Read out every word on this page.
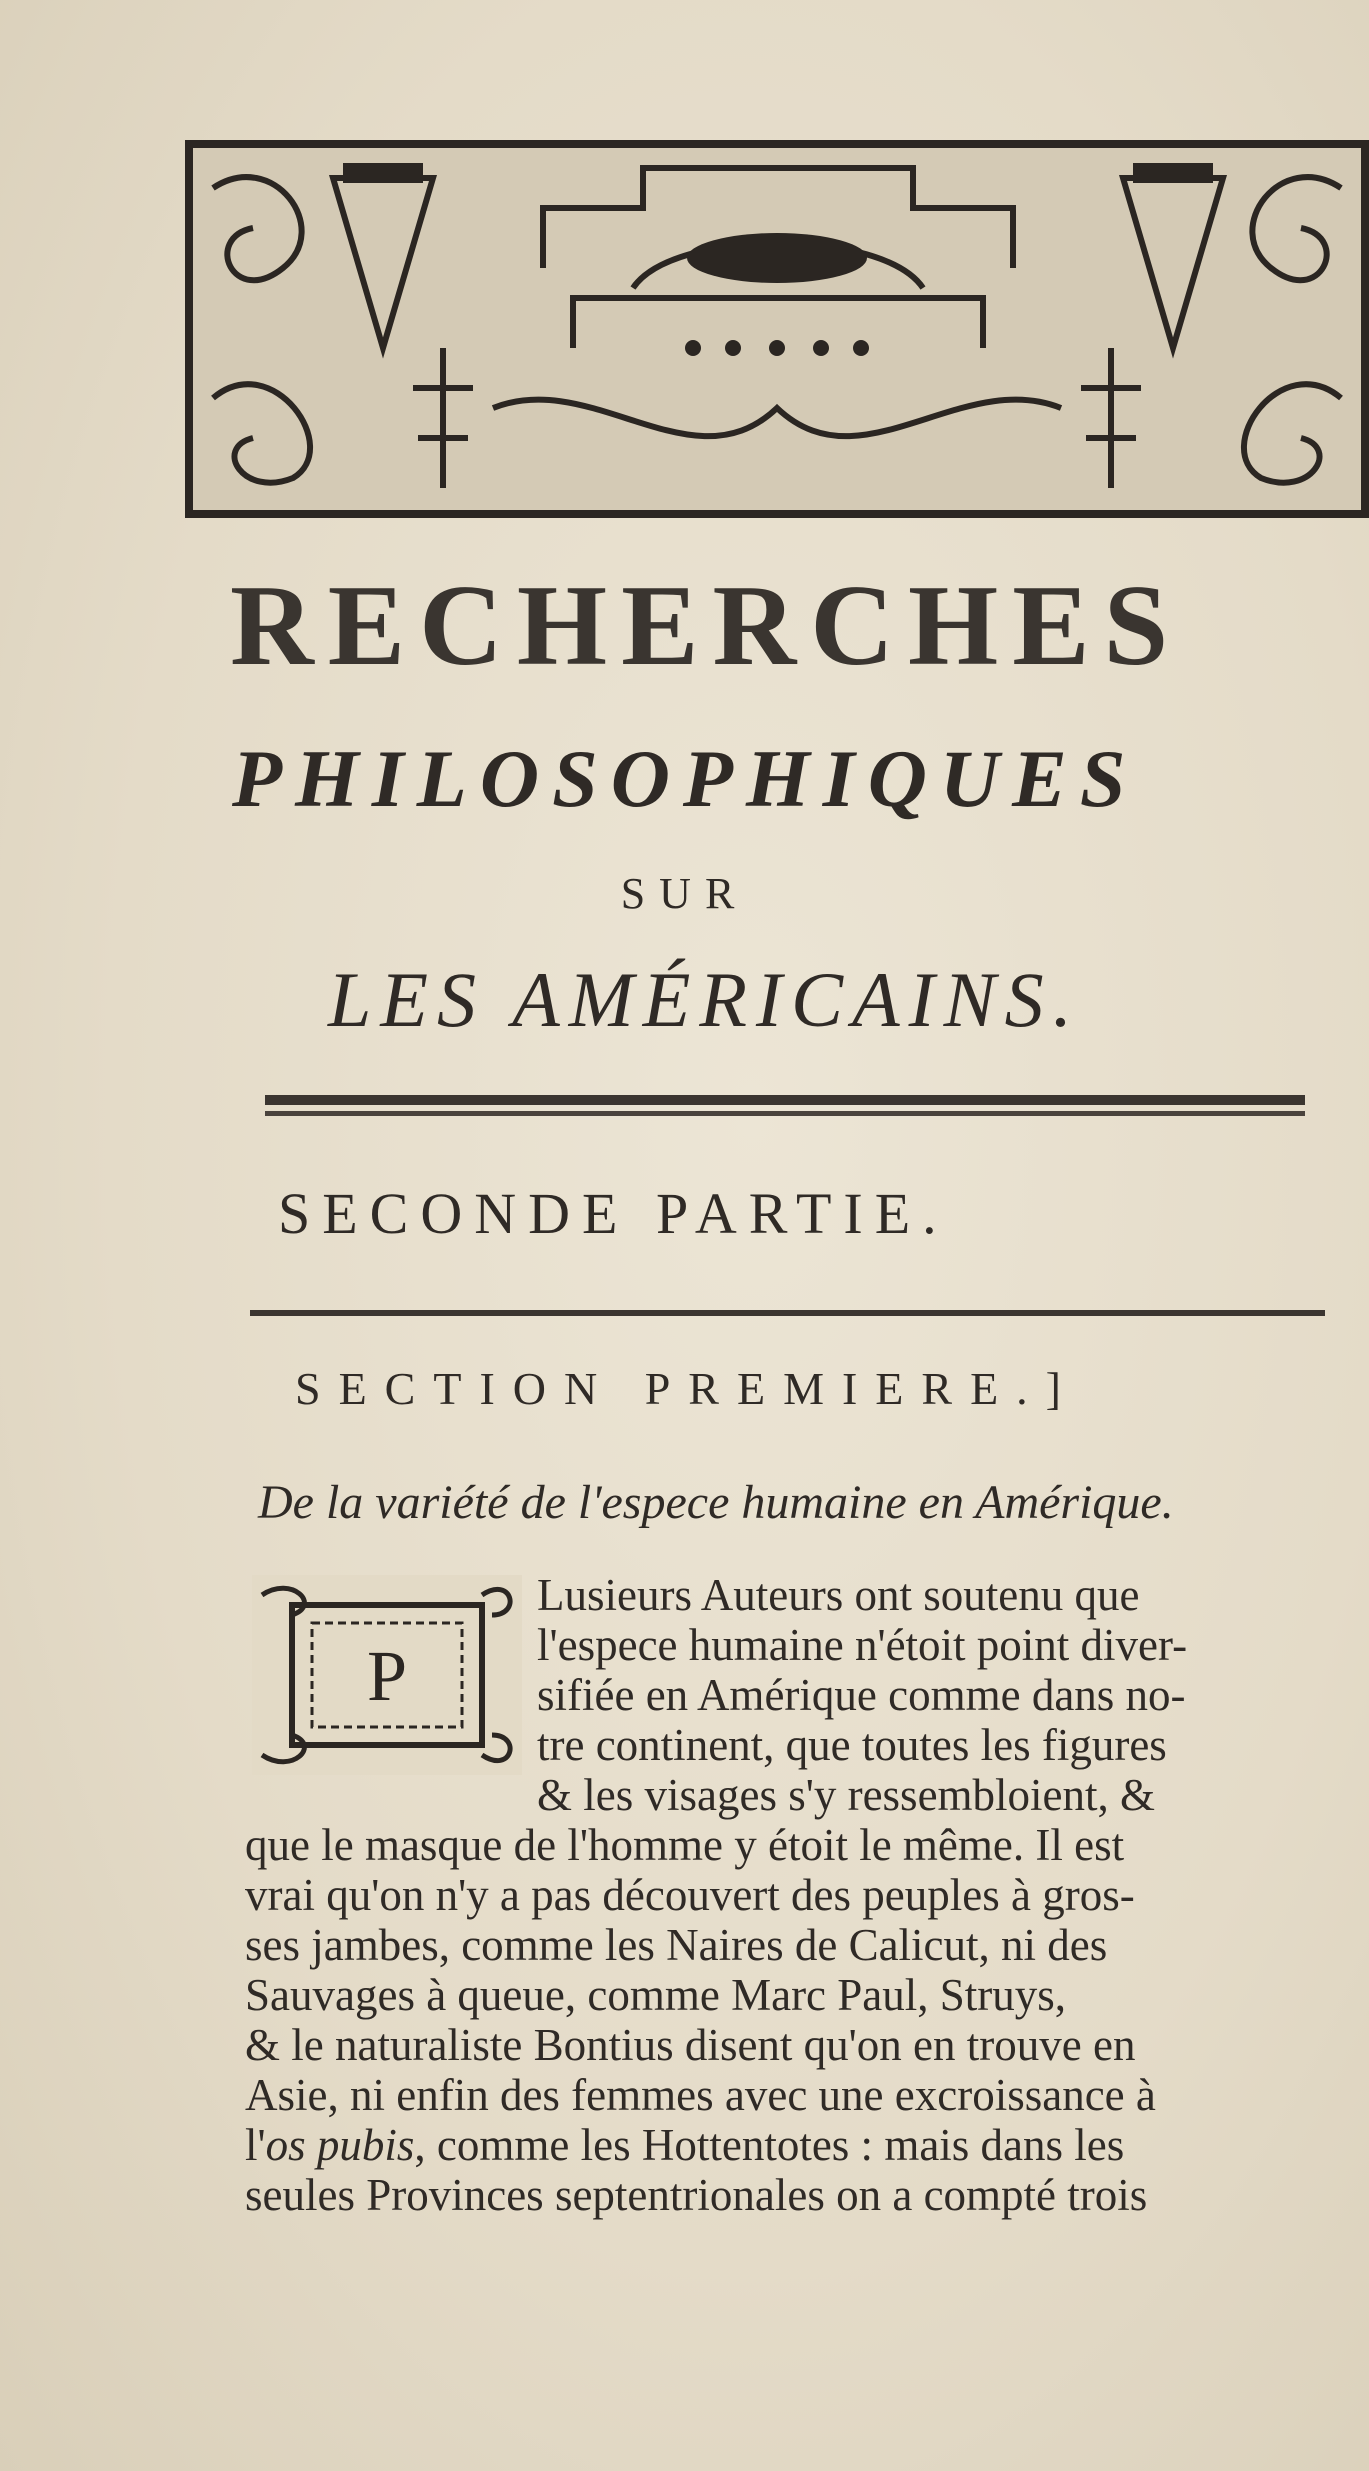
RECHERCHES
PHILOSOPHIQUES
SUR
LES AMÉRICAINS.
SECONDE PARTIE.
SECTION PREMIERE.]
De la variété de l'espece humaine en Amérique.
Lusieurs Auteurs ont soutenu que
l'espece humaine n'étoit point diver-
sifiée en Amérique comme dans no-
tre continent, que toutes les figures
& les visages s'y ressembloient, &
que le masque de l'homme y étoit le même. Il est
vrai qu'on n'y a pas découvert des peuples à gros-
ses jambes, comme les Naires de Calicut, ni des
Sauvages à queue, comme Marc Paul, Struys,
& le naturaliste Bontius disent qu'on en trouve en
Asie, ni enfin des femmes avec une excroissance à
l'os pubis, comme les Hottentotes : mais dans les
seules Provinces septentrionales on a compté trois
P
